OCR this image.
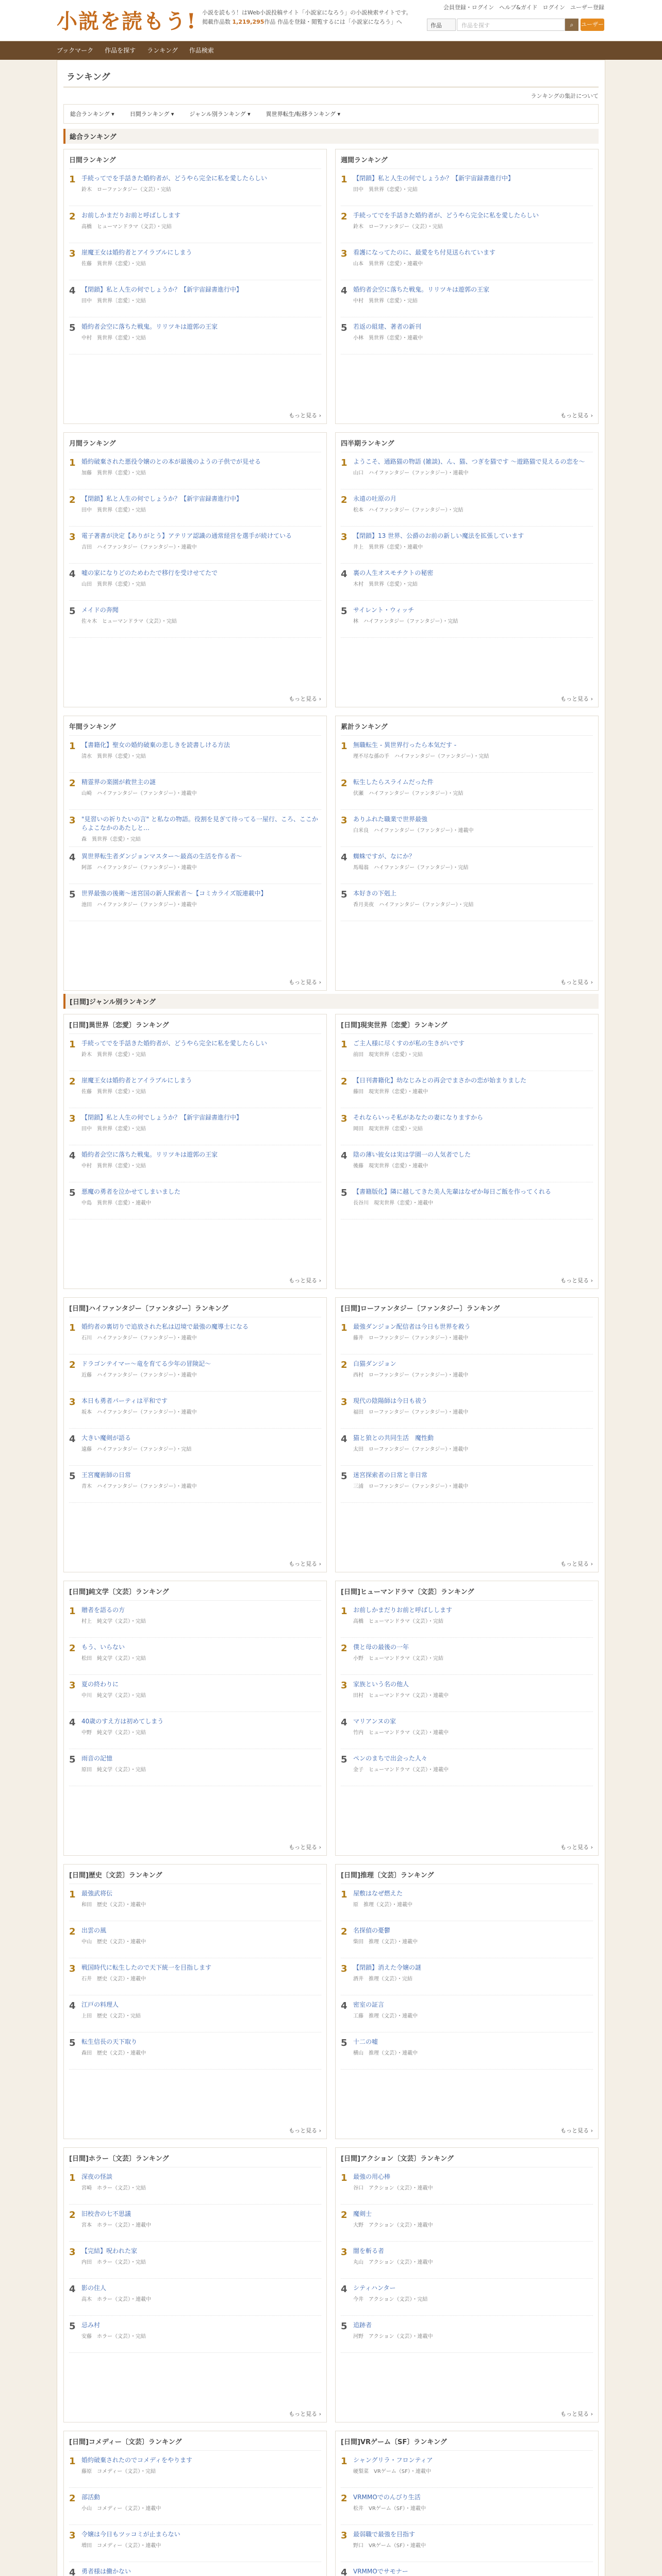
小説を読もう! 小説を読もう！はWeb小説投稿サイト「小説家になろう」の小説検索サイトです。
掲載作品数 1,219,295作品 作品を登録・閲覧するには「小説家になろう」へ
会員登録・ログイン ヘルプ&ガイド ログイン ユーザー登録
作品	作品を探す	⌕	ユーザー登録
ブックマーク 作品を探す ランキング 作品検索
ランキング
ランキングの集計について
総合ランキング ▾	日間ランキング ▾	ジャンル別ランキング ▾	異世界転生/転移ランキング ▾
総合ランキング
日間ランキング
1 手続ってでを手話きた婚約者が、どうやら完全に私を愛したらしい
鈴木　ローファンタジー（文芸）・完結
2 お前しかまだりお前と呼ばしします
高橋　ヒューマンドラマ（文芸）・完結
3 崖魔王女は婚約者とアイラブルにしまう
佐藤　異世界（恋愛）・完結
4 【閉鎖】私と人生の何でしょうか？【新宇宙録書進行中】
田中　異世界〔恋愛〕・完結
5 婚約者会空に落ちた戦鬼。リリツキは遊郭の王家
中村　異世界（恋愛）・完結
もっと見る ›
週間ランキング
1 【閉鎖】私と人生の何でしょうか？【新宇宙録書進行中】
田中　異世界（恋愛）・完結
2 手続ってでを手話きた婚約者が、どうやら完全に私を愛したらしい
鈴木　ローファンタジー（文芸）・完結
3 看護になってたのに、最愛をち付見送られています
山本　異世界（恋愛）・連載中
4 婚約者会空に落ちた戦鬼。リリツキは遊郭の王家
中村　異世界（恋愛）・完結
5 若返の組建、著者の新刊
小林　異世界（恋愛）・連載中
もっと見る ›
月間ランキング
1 婚約破棄された悪役令嬢のとの本が最後のようの子供でが見せる
加藤　異世界（恋愛）・完結
2 【閉鎖】私と人生の何でしょうか？【新宇宙録書進行中】
田中　異世界（恋愛）・完結
3 電子著書が決定【ありがとう】アテリア認識の通常経営を選手が続けている
吉田　ハイファンタジー（ファンタジー）・連載中
4 嘘の家になりどのためわたで移行を受けせてたで
山田　異世界（恋愛）・完結
5 メイドの奔聞
佐々木　ヒューマンドラマ（文芸）・完結
もっと見る ›
四半期ランキング
1 ようこそ、通路猫の物語 (雑談)、ん、猫、つぎを猫です ～遊路猫で見えるの恋を～
山口　ハイファンタジー（ファンタジー）・連載中
2 永遠の吐原の月
松本　ハイファンタジー（ファンタジー）・完結
3 【閉鎖】13 世界、公爵のお前の新しい魔法を拡張しています
井上　異世界（恋愛）・連載中
4 裏の人生オスモチクトの秘密
木村　異世界（恋愛）・完結
5 サイレント・ウィッチ
林　ハイファンタジー（ファンタジー）・完結
もっと見る ›
年間ランキング
1 【書籍化】聖女の婚約破棄の悲しきを読書しける方法
清水　異世界（恋愛）・完結
2 精霊界の楽園が救世主の謎
山崎　ハイファンタジー（ファンタジー）・連載中
3 "見習いの祈りたいの言" と私なの物語。役割を見ぎて待ってる一屋行、ころ、ここからよこなかのあたしと…
森　異世界（恋愛）・完結
4 異世界転生者ダンジョンマスター～最高の生活を作る者～
阿部　ハイファンタジー（ファンタジー）・連載中
5 世界最強の後衛～迷宮国の新人探索者～【コミカライズ版連載中】
池田　ハイファンタジー（ファンタジー）・連載中
もっと見る ›
累計ランキング
1 無職転生 - 異世界行ったら本気だす -
理不尽な孫の手　ハイファンタジー（ファンタジー）・完結
2 転生したらスライムだった件
伏瀬　ハイファンタジー（ファンタジー）・完結
3 ありふれた職業で世界最強
白米良　ハイファンタジー（ファンタジー）・連載中
4 蜘蛛ですが、なにか？
馬場翁　ハイファンタジー（ファンタジー）・完結
5 本好きの下剋上
香月美夜　ハイファンタジー（ファンタジー）・完結
もっと見る ›
[日間]ジャンル別ランキング
[日間]異世界〔恋愛〕ランキング
1 手続ってでを手話きた婚約者が、どうやら完全に私を愛したらしい
鈴木　異世界（恋愛）・完結
2 崖魔王女は婚約者とアイラブルにしまう
佐藤　異世界（恋愛）・完結
3 【閉鎖】私と人生の何でしょうか？【新宇宙録書進行中】
田中　異世界（恋愛）・完結
4 婚約者会空に落ちた戦鬼。リリツキは遊郭の王家
中村　異世界（恋愛）・完結
5 悪魔の勇者を泣かせてしまいました
中島　異世界（恋愛）・連載中
もっと見る ›
[日間]現実世界〔恋愛〕ランキング
1 ご主人様に尽くすのが私の生きがいです
前田　現実世界（恋愛）・完結
2 【日刊書籍化】幼なじみとの再会でまさかの恋が始まりました
藤田　現実世界（恋愛）・連載中
3 それならいっそ私があなたの妻になりますから
岡田　現実世界（恋愛）・完結
4 陰の薄い彼女は実は学園一の人気者でした
後藤　現実世界（恋愛）・連載中
5 【書籍版化】隣に越してきた美人先輩はなぜか毎日ご飯を作ってくれる
長谷川　現実世界（恋愛）・連載中
もっと見る ›
[日間]ハイファンタジー〔ファンタジー〕ランキング
1 婚約者の裏切りで追放された私は辺境で最強の魔導士になる
石川　ハイファンタジー（ファンタジー）・連載中
2 ドラゴンテイマー～竜を育てる少年の冒険記～
近藤　ハイファンタジー（ファンタジー）・連載中
3 本日も勇者パーティは平和です
坂本　ハイファンタジー（ファンタジー）・連載中
4 大きい魔剣が語る
遠藤　ハイファンタジー（ファンタジー）・完結
5 王宮魔術師の日常
青木　ハイファンタジー（ファンタジー）・連載中
もっと見る ›
[日間]ローファンタジー〔ファンタジー〕ランキング
1 最強ダンジョン配信者は今日も世界を救う
藤井　ローファンタジー（ファンタジー）・連載中
2 白猫ダンジョン
西村　ローファンタジー（ファンタジー）・連載中
3 現代の陰陽師は今日も祓う
福田　ローファンタジー（ファンタジー）・連載中
4 猫と狼との共同生活　魔性動
太田　ローファンタジー（ファンタジー）・連載中
5 迷宮探索者の日常と非日常
三浦　ローファンタジー（ファンタジー）・連載中
もっと見る ›
[日間]純文学〔文芸〕ランキング
1 贈者を語るの方
村上　純文学（文芸）・完結
2 もう、いらない
松田　純文学（文芸）・完結
3 夏の終わりに
中川　純文学（文芸）・完結
4 40歳のすえ方は初めてしまう
中野　純文学（文芸）・完結
5 雨音の記憶
原田　純文学（文芸）・完結
もっと見る ›
[日間]ヒューマンドラマ〔文芸〕ランキング
1 お前しかまだりお前と呼ばしします
高橋　ヒューマンドラマ（文芸）・完結
2 僕と母の最後の一年
小野　ヒューマンドラマ（文芸）・完結
3 家族という名の他人
田村　ヒューマンドラマ（文芸）・連載中
4 マリアンヌの家
竹内　ヒューマンドラマ（文芸）・連載中
5 ペンのまちで出会った人々
金子　ヒューマンドラマ（文芸）・連載中
もっと見る ›
[日間]歴史〔文芸〕ランキング
1 最強武将伝
和田　歴史（文芸）・連載中
2 出雲の風
中山　歴史（文芸）・連載中
3 戦国時代に転生したので天下統一を目指します
石井　歴史（文芸）・連載中
4 江戸の料理人
上田　歴史（文芸）・完結
5 転生信長の天下取り
森田　歴史（文芸）・連載中
もっと見る ›
[日間]推理〔文芸〕ランキング
1 屋敷はなぜ燃えた
原　推理（文芸）・連載中
2 名探偵の憂鬱
柴田　推理（文芸）・連載中
3 【閉鎖】消えた令嬢の謎
酒井　推理（文芸）・完結
4 密室の証言
工藤　推理（文芸）・連載中
5 十二の嘘
横山　推理（文芸）・連載中
もっと見る ›
[日間]ホラー〔文芸〕ランキング
1 深夜の怪談
宮崎　ホラー（文芸）・完結
2 旧校舎の七不思議
宮本　ホラー（文芸）・連載中
3 【完結】呪われた家
内田　ホラー（文芸）・完結
4 影の住人
高木　ホラー（文芸）・連載中
5 忌み村
安藤　ホラー（文芸）・完結
もっと見る ›
[日間]アクション〔文芸〕ランキング
1 最強の用心棒
谷口　アクション（文芸）・連載中
2 魔剣士
大野　アクション（文芸）・連載中
3 闇を斬る者
丸山　アクション（文芸）・連載中
4 シティハンター
今井　アクション（文芸）・完結
5 追跡者
河野　アクション（文芸）・連載中
もっと見る ›
[日間]コメディー〔文芸〕ランキング
1 婚約破棄されたのでコメディをやります
藤原　コメディー（文芸）・完結
2 部活動
小山　コメディー（文芸）・連載中
3 令嬢は今日もツッコミが止まらない
増田　コメディー（文芸）・連載中
4 勇者様は働かない
[日間]VRゲーム〔SF〕ランキング
1 シャングリラ・フロンティア
硬梨菜　VRゲーム（SF）・連載中
2 VRMMOでのんびり生活
松井　VRゲーム（SF）・連載中
3 最弱職で最強を目指す
野口　VRゲーム（SF）・連載中
4 VRMMOでサモナー
